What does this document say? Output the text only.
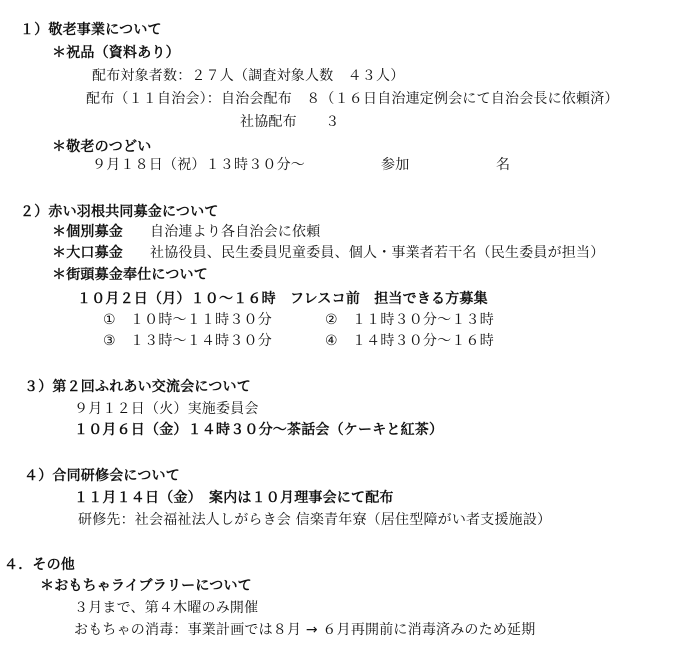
１）敬老事業について
＊祝品（資料あり）
配布対象者数：２７人（調査対象人数　４３人）
配布（１１自治会）：自治会配布　８（１６日自治連定例会にて自治会長に依頼済）
社協配布　　３
＊敬老のつどい
９月１８日（祝）１３時３０分〜	参加	名
２）赤い羽根共同募金について
＊個別募金 自治連より各自治会に依頼
＊大口募金 社協役員、民生委員児童委員、個人・事業者若干名（民生委員が担当）
＊街頭募金奉仕について
１０月２日（月）１０〜１６時　フレスコ前　担当できる方募集
①　１０時〜１１時３０分	②　１１時３０分〜１３時
③　１３時〜１４時３０分	④　１４時３０分〜１６時
３）第２回ふれあい交流会について
９月１２日（火）実施委員会
１０月６日（金）１４時３０分〜茶話会（ケーキと紅茶）
４）合同研修会について
１１月１４日（金）　案内は１０月理事会にて配布
研修先：社会福祉法人しがらき会 信楽青年寮（居住型障がい者支援施設）
４．その他
＊おもちゃライブラリーについて
３月まで、第４木曜のみ開催
おもちゃの消毒：事業計画では８月 → ６月再開前に消毒済みのため延期
